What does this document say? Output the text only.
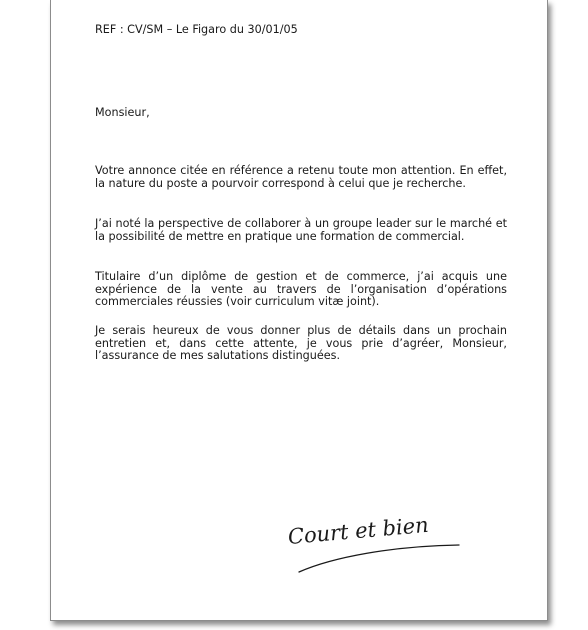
REF : CV/SM – Le Figaro du 30/01/05
Monsieur,

Votre annonce citée en référence a retenu toute mon attention. En effet, la nature du poste a pourvoir correspond à celui que je recherche.

J’ai noté la perspective de collaborer à un groupe leader sur le marché et la possibilité de mettre en pratique une formation de commercial.

Titulaire d’un diplôme de gestion et de commerce, j’ai acquis une expérience de la vente au travers de l’organisation d’opérations commerciales réussies (voir curriculum vitæ joint).

Je serais heureux de vous donner plus de détails dans un prochain entretien et, dans cette attente, je vous prie d’agréer, Monsieur, l’assurance de mes salutations distinguées.

Court et bien
